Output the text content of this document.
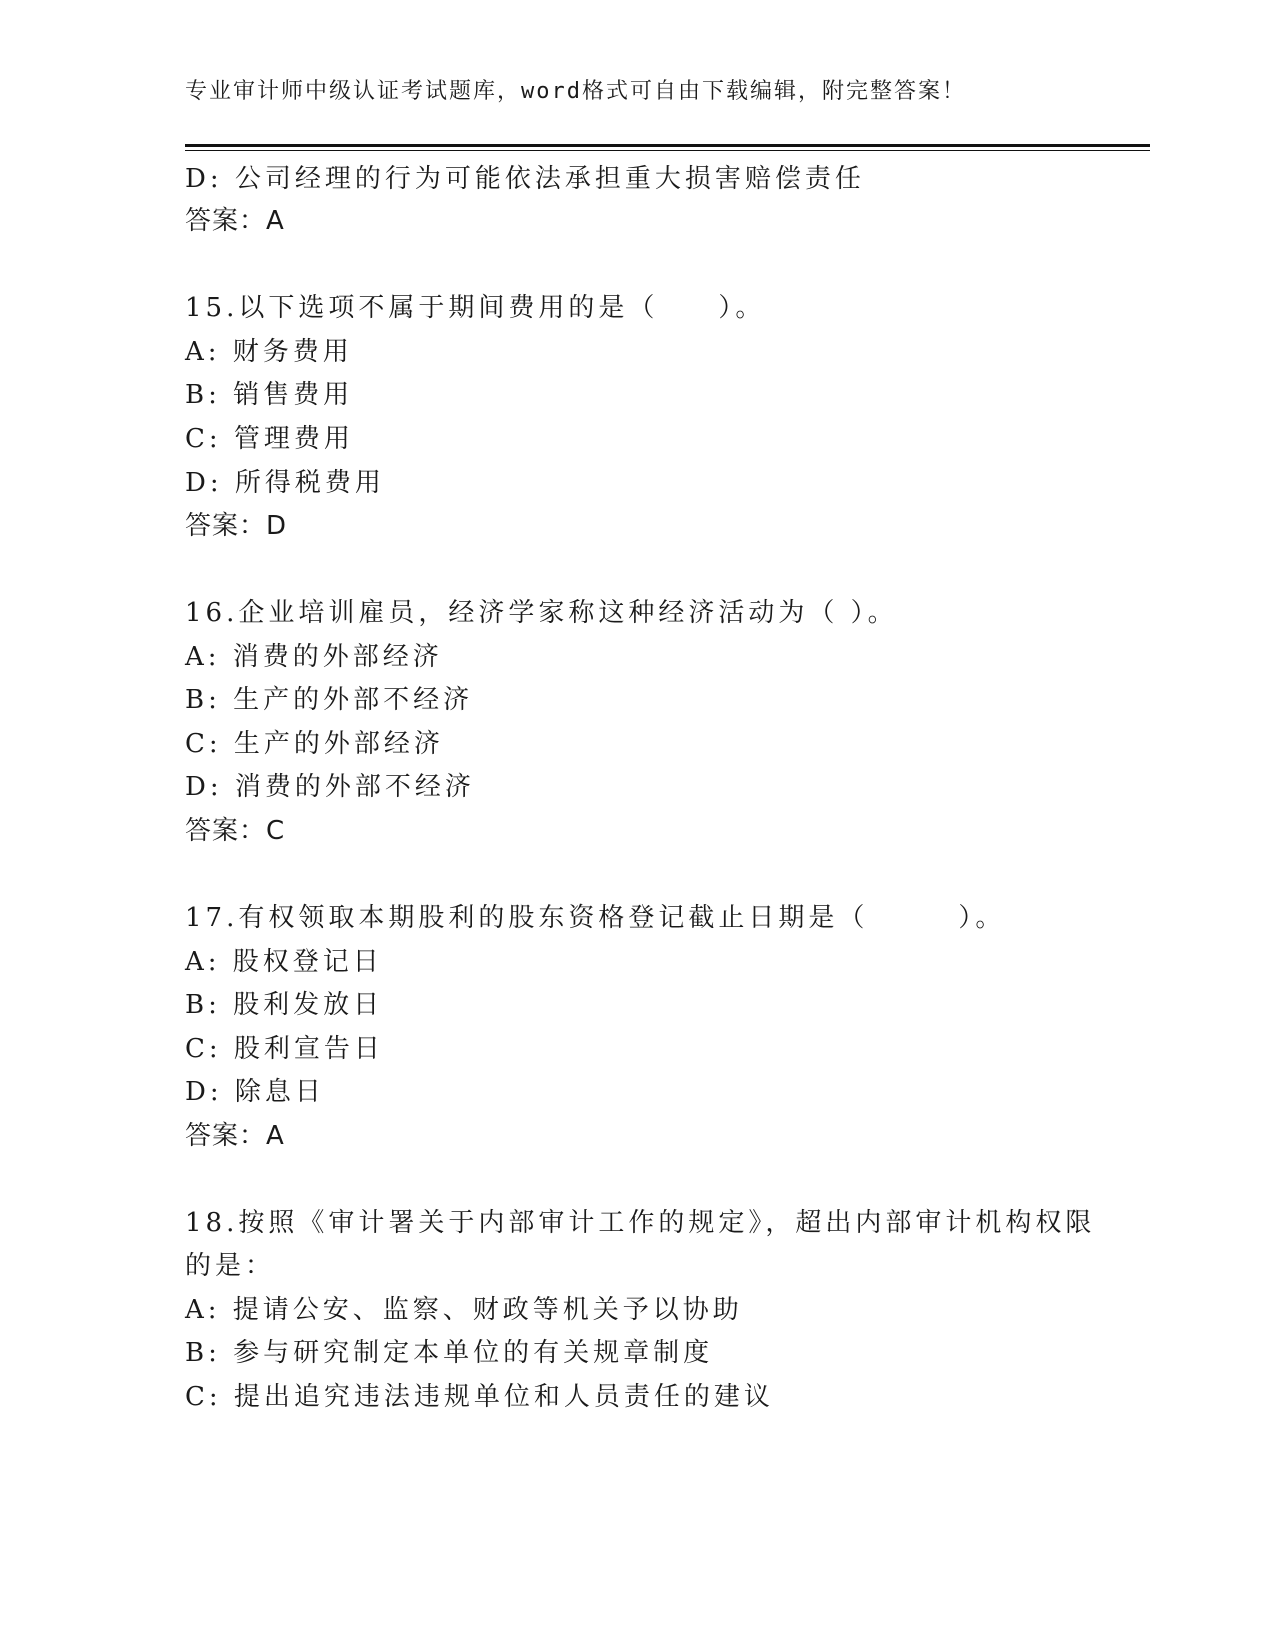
专业审计师中级认证考试题库，word格式可自由下载编辑，附完整答案！
D: 公司经理的行为可能依法承担重大损害赔偿责任
答案：A
15.以下选项不属于期间费用的是（　　）。
A: 财务费用
B: 销售费用
C: 管理费用
D: 所得税费用
答案：D
16.企业培训雇员，经济学家称这种经济活动为（ ）。
A: 消费的外部经济
B: 生产的外部不经济
C: 生产的外部经济
D: 消费的外部不经济
答案：C
17.有权领取本期股利的股东资格登记截止日期是（　　　）。
A: 股权登记日
B: 股利发放日
C: 股利宣告日
D: 除息日
答案：A
18.按照《审计署关于内部审计工作的规定》，超出内部审计机构权限
的是：
A: 提请公安、监察、财政等机关予以协助
B: 参与研究制定本单位的有关规章制度
C: 提出追究违法违规单位和人员责任的建议
